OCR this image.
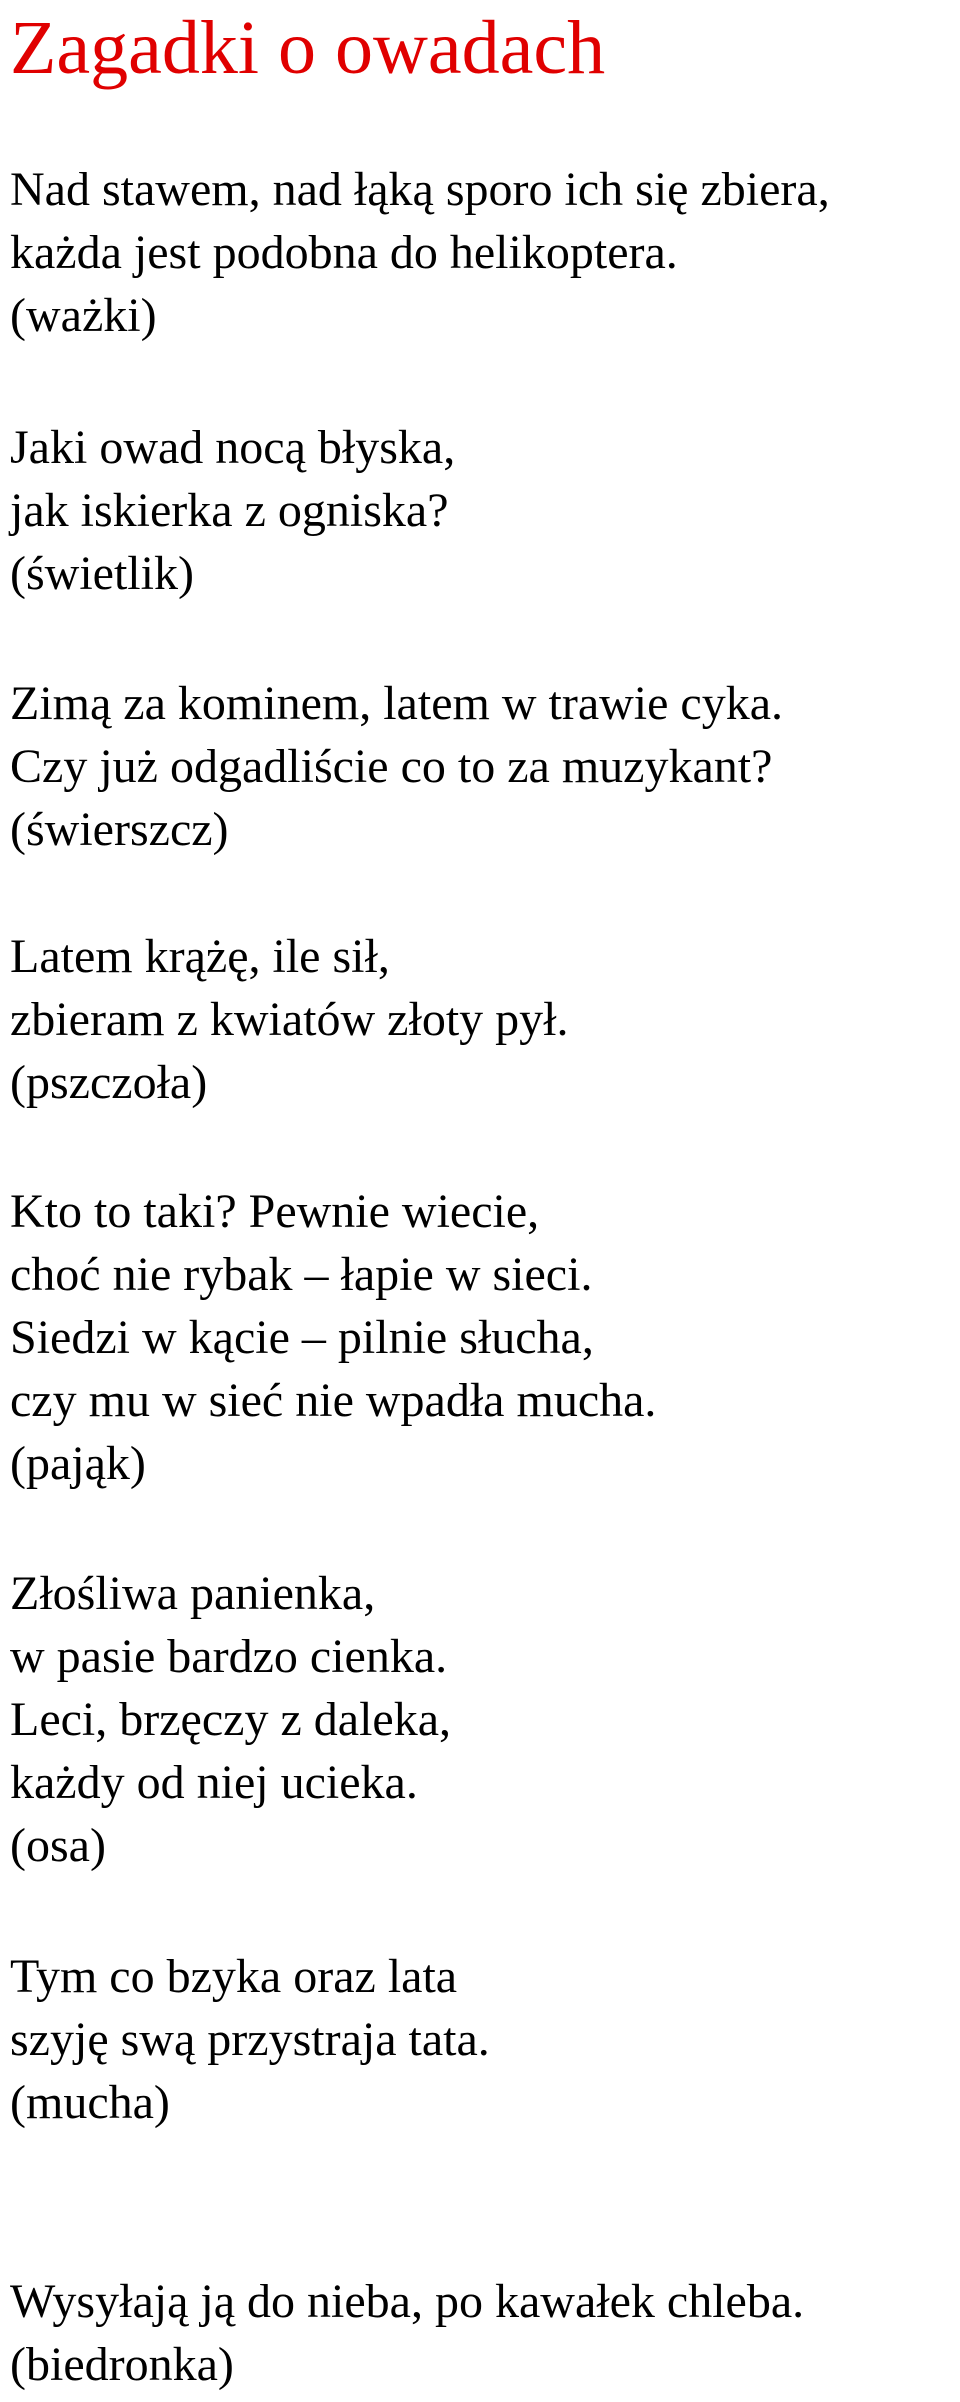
Zagadki o owadach
Nad stawem, nad łąką sporo ich się zbiera,
każda jest podobna do helikoptera.
(ważki)
Jaki owad nocą błyska,
jak iskierka z ogniska?
(świetlik)
Zimą za kominem, latem w trawie cyka.
Czy już odgadliście co to za muzykant?
(świerszcz)
Latem krążę, ile sił,
zbieram z kwiatów złoty pył.
(pszczoła)
Kto to taki? Pewnie wiecie,
choć nie rybak – łapie w sieci.
Siedzi w kącie – pilnie słucha,
czy mu w sieć nie wpadła mucha.
(pająk)
Złośliwa panienka,
w pasie bardzo cienka.
Leci, brzęczy z daleka,
każdy od niej ucieka.
(osa)
Tym co bzyka oraz lata
szyję swą przystraja tata.
(mucha)
Wysyłają ją do nieba, po kawałek chleba.
(biedronka)
